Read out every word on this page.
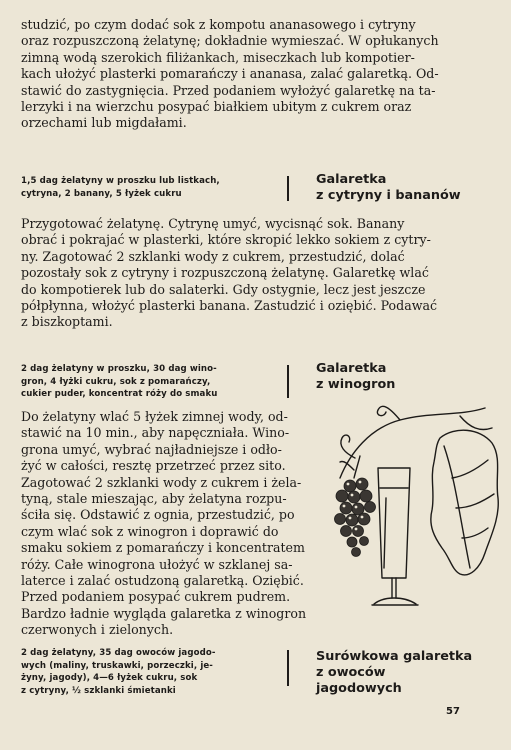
studzić, po czym dodać sok z kompotu ananasowego i cytryny
oraz rozpuszczoną żelatynę; dokładnie wymieszać. W opłukanych
zimną wodą szerokich filiżankach, miseczkach lub kompotier-
kach ułożyć plasterki pomarańczy i ananasa, zalać galaretką. Od-
stawić do zastygnięcia. Przed podaniem wyłożyć galaretkę na ta-
lerzyki i na wierzchu posypać białkiem ubitym z cukrem oraz
orzechami lub migdałami.
1,5 dag żelatyny w proszku lub listkach,
cytryna, 2 banany, 5 łyżek cukru
Galaretka
z cytryny i bananów
Przygotować żelatynę. Cytrynę umyć, wycisnąć sok. Banany
obrać i pokrajać w plasterki, które skropić lekko sokiem z cytry-
ny. Zagotować 2 szklanki wody z cukrem, przestudzić, dolać
pozostały sok z cytryny i rozpuszczoną żelatynę. Galaretkę wlać
do kompotierek lub do salaterki. Gdy ostygnie, lecz jest jeszcze
półpłynna, włożyć plasterki banana. Zastudzić i oziębić. Podawać
z biszkoptami.
2 dag żelatyny w proszku, 30 dag wino-
gron, 4 łyżki cukru, sok z pomarańczy,
cukier puder, koncentrat róży do smaku
Galaretka
z winogron
Do żelatyny wlać 5 łyżek zimnej wody, od-
stawić na 10 min., aby napęczniała. Wino-
grona umyć, wybrać najładniejsze i odło-
żyć w całości, resztę przetrzeć przez sito.
Zagotować 2 szklanki wody z cukrem i żela-
tyną, stale mieszając, aby żelatyna rozpu-
ściła się. Odstawić z ognia, przestudzić, po
czym wlać sok z winogron i doprawić do
smaku sokiem z pomarańczy i koncentratem
róży. Całe winogrona ułożyć w szklanej sa-
laterce i zalać ostudzoną galaretką. Oziębić.
Przed podaniem posypać cukrem pudrem.
Bardzo ładnie wygląda galaretka z winogron
czerwonych i zielonych.
2 dag żelatyny, 35 dag owoców jagodo-
wych (maliny, truskawki, porzeczki, je-
żyny, jagody), 4—6 łyżek cukru, sok
z cytryny, ½ szklanki śmietanki
Surówkowa galaretka
z owoców
jagodowych
57
